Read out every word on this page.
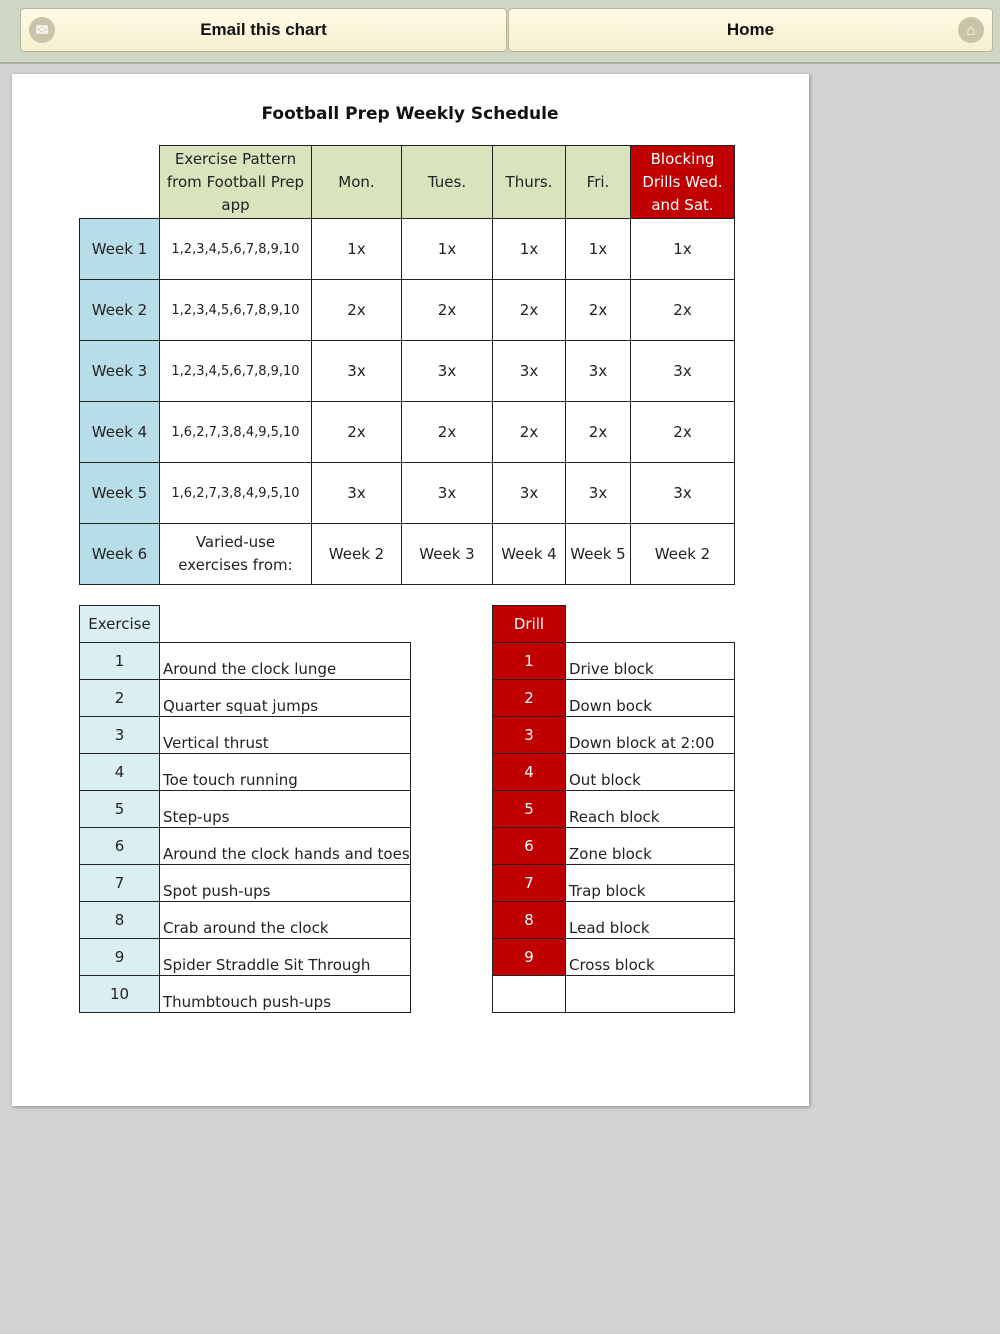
✉	Email this chart	Home	⌂
Football Prep Weekly Schedule
	Exercise Pattern from Football Prep app	Mon.	Tues.	Thurs.	Fri.	Blocking Drills Wed. and Sat.
Week 1	1,2,3,4,5,6,7,8,9,10	1x	1x	1x	1x	1x
Week 2	1,2,3,4,5,6,7,8,9,10	2x	2x	2x	2x	2x
Week 3	1,2,3,4,5,6,7,8,9,10	3x	3x	3x	3x	3x
Week 4	1,6,2,7,3,8,4,9,5,10	2x	2x	2x	2x	2x
Week 5	1,6,2,7,3,8,4,9,5,10	3x	3x	3x	3x	3x
Week 6	Varied-use exercises from:	Week 2	Week 3	Week 4	Week 5	Week 2
Exercise	
1	Around the clock lunge
2	Quarter squat jumps
3	Vertical thrust
4	Toe touch running
5	Step-ups
6	Around the clock hands and toes
7	Spot push-ups
8	Crab around the clock
9	Spider Straddle Sit Through
10	Thumbtouch push-ups
Drill	
1	Drive block
2	Down bock
3	Down block at 2:00
4	Out block
5	Reach block
6	Zone block
7	Trap block
8	Lead block
9	Cross block
